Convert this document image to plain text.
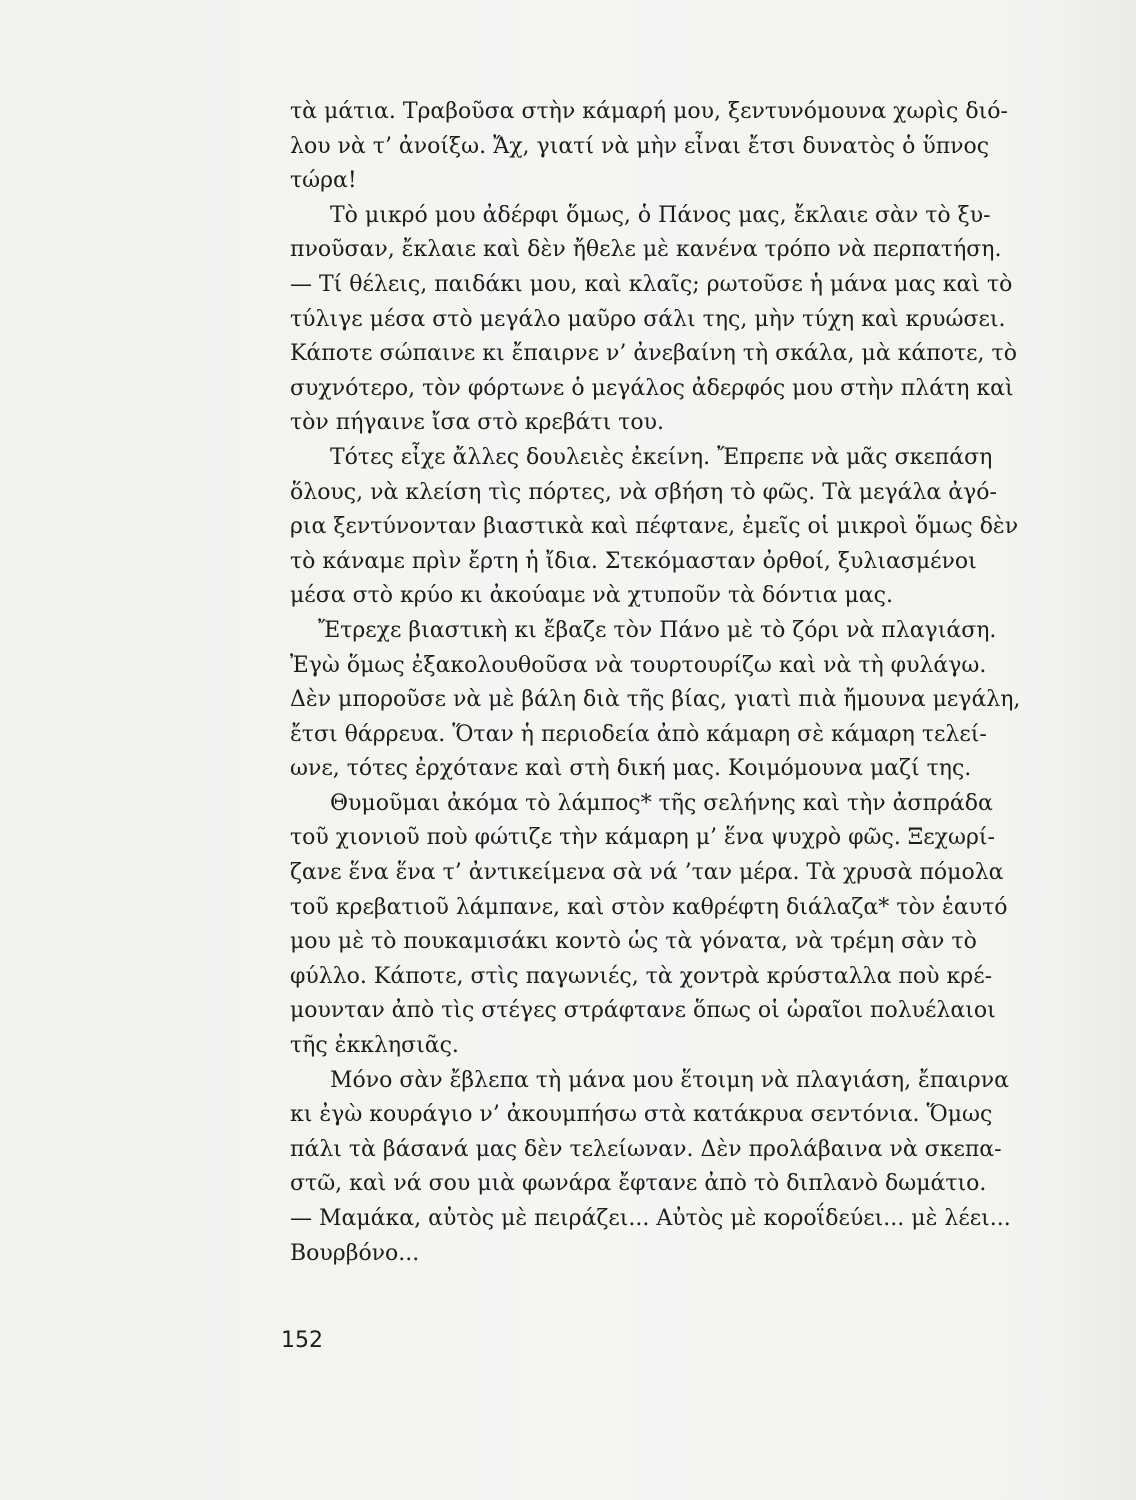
τὰ μάτια. Τραβοῦσα στὴν κάμαρή μου, ξεντυνόμουνα χωρὶς διό-
λου νὰ τ’ ἀνοίξω. Ἄχ, γιατί νὰ μὴν εἶναι ἔτσι δυνατὸς ὁ ὕπνος
τώρα!
Τὸ μικρό μου ἀδέρφι ὅμως, ὁ Πάνος μας, ἔκλαιε σὰν τὸ ξυ-
πνοῦσαν, ἔκλαιε καὶ δὲν ἤθελε μὲ κανένα τρόπο νὰ περπατήση.
— Τί θέλεις, παιδάκι μου, καὶ κλαῖς; ρωτοῦσε ἡ μάνα μας καὶ τὸ
τύλιγε μέσα στὸ μεγάλο μαῦρο σάλι της, μὴν τύχη καὶ κρυώσει.
Κάποτε σώπαινε κι ἔπαιρνε ν’ ἀνεβαίνη τὴ σκάλα, μὰ κάποτε, τὸ
συχνότερο, τὸν φόρτωνε ὁ μεγάλος ἀδερφός μου στὴν πλάτη καὶ
τὸν πήγαινε ἴσα στὸ κρεβάτι του.
Τότες εἶχε ἄλλες δουλειὲς ἐκείνη. Ἔπρεπε νὰ μᾶς σκεπάση
ὅλους, νὰ κλείση τὶς πόρτες, νὰ σβήση τὸ φῶς. Τὰ μεγάλα ἀγό-
ρια ξεντύνονταν βιαστικὰ καὶ πέφτανε, ἐμεῖς οἱ μικροὶ ὅμως δὲν
τὸ κάναμε πρὶν ἔρτη ἡ ἴδια. Στεκόμασταν ὀρθοί, ξυλιασμένοι
μέσα στὸ κρύο κι ἀκούαμε νὰ χτυποῦν τὰ δόντια μας.
Ἔτρεχε βιαστικὴ κι ἔβαζε τὸν Πάνο μὲ τὸ ζόρι νὰ πλαγιάση.
Ἐγὼ ὅμως ἐξακολουθοῦσα νὰ τουρτουρίζω καὶ νὰ τὴ φυλάγω.
Δὲν μποροῦσε νὰ μὲ βάλη διὰ τῆς βίας, γιατὶ πιὰ ἤμουνα μεγάλη,
ἔτσι θάρρευα. Ὅταν ἡ περιοδεία ἀπὸ κάμαρη σὲ κάμαρη τελεί-
ωνε, τότες ἐρχότανε καὶ στὴ δική μας. Κοιμόμουνα μαζί της.
Θυμοῦμαι ἀκόμα τὸ λάμπος* τῆς σελήνης καὶ τὴν ἀσπράδα
τοῦ χιονιοῦ ποὺ φώτιζε τὴν κάμαρη μ’ ἕνα ψυχρὸ φῶς. Ξεχωρί-
ζανε ἕνα ἕνα τ’ ἀντικείμενα σὰ νά ’ταν μέρα. Τὰ χρυσὰ πόμολα
τοῦ κρεβατιοῦ λάμπανε, καὶ στὸν καθρέφτη διάλαζα* τὸν ἑαυτό
μου μὲ τὸ πουκαμισάκι κοντὸ ὡς τὰ γόνατα, νὰ τρέμη σὰν τὸ
φύλλο. Κάποτε, στὶς παγωνιές, τὰ χοντρὰ κρύσταλλα ποὺ κρέ-
μουνταν ἀπὸ τὶς στέγες στράφτανε ὅπως οἱ ὡραῖοι πολυέλαιοι
τῆς ἐκκλησιᾶς.
Μόνο σὰν ἔβλεπα τὴ μάνα μου ἕτοιμη νὰ πλαγιάση, ἔπαιρνα
κι ἐγὼ κουράγιο ν’ ἀκουμπήσω στὰ κατάκρυα σεντόνια. Ὅμως
πάλι τὰ βάσανά μας δὲν τελείωναν. Δὲν προλάβαινα νὰ σκεπα-
στῶ, καὶ νά σου μιὰ φωνάρα ἔφτανε ἀπὸ τὸ διπλανὸ δωμάτιο.
— Μαμάκα, αὐτὸς μὲ πειράζει... Αὐτὸς μὲ κοροΐδεύει... μὲ λέει...
Βουρβόνο...
152
